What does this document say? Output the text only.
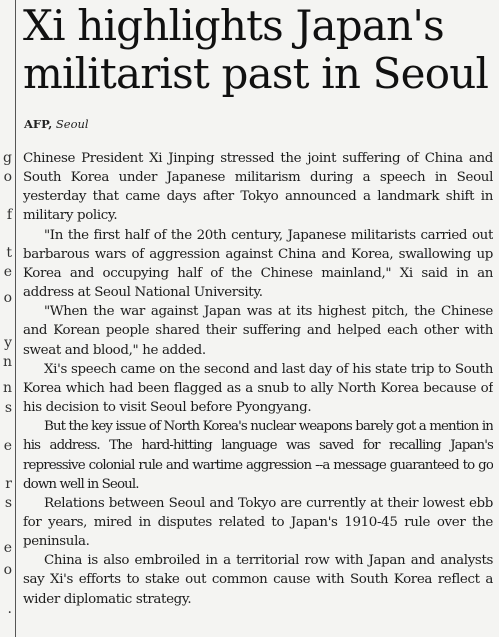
g
o
f
t
e
o
y
n
n
s
e
r
s
e
o
.
Xi highlights Japan's
militarist past in Seoul
AFP, Seoul

Chinese President Xi Jinping stressed the joint suffering of China and South Korea under Japanese militarism during a speech in Seoul yesterday that came days after Tokyo announced a landmark shift in military policy.

"In the first half of the 20th century, Japanese militarists carried out barbarous wars of aggression against China and Korea, swallowing up Korea and occupying half of the Chinese mainland," Xi said in an address at Seoul National University.

"When the war against Japan was at its highest pitch, the Chinese and Korean people shared their suffering and helped each other with sweat and blood," he added.

Xi's speech came on the second and last day of his state trip to South Korea which had been flagged as a snub to ally North Korea because of his decision to visit Seoul before Pyongyang.

But the key issue of North Korea's nuclear weapons barely got a mention in his address. The hard-hitting language was saved for recalling Japan's repressive colonial rule and wartime aggression --a message guaranteed to go down well in Seoul.

Relations between Seoul and Tokyo are currently at their lowest ebb for years, mired in disputes related to Japan's 1910-45 rule over the peninsula.

China is also embroiled in a territorial row with Japan and analysts say Xi's efforts to stake out common cause with South Korea reflect a wider diplomatic strategy.
